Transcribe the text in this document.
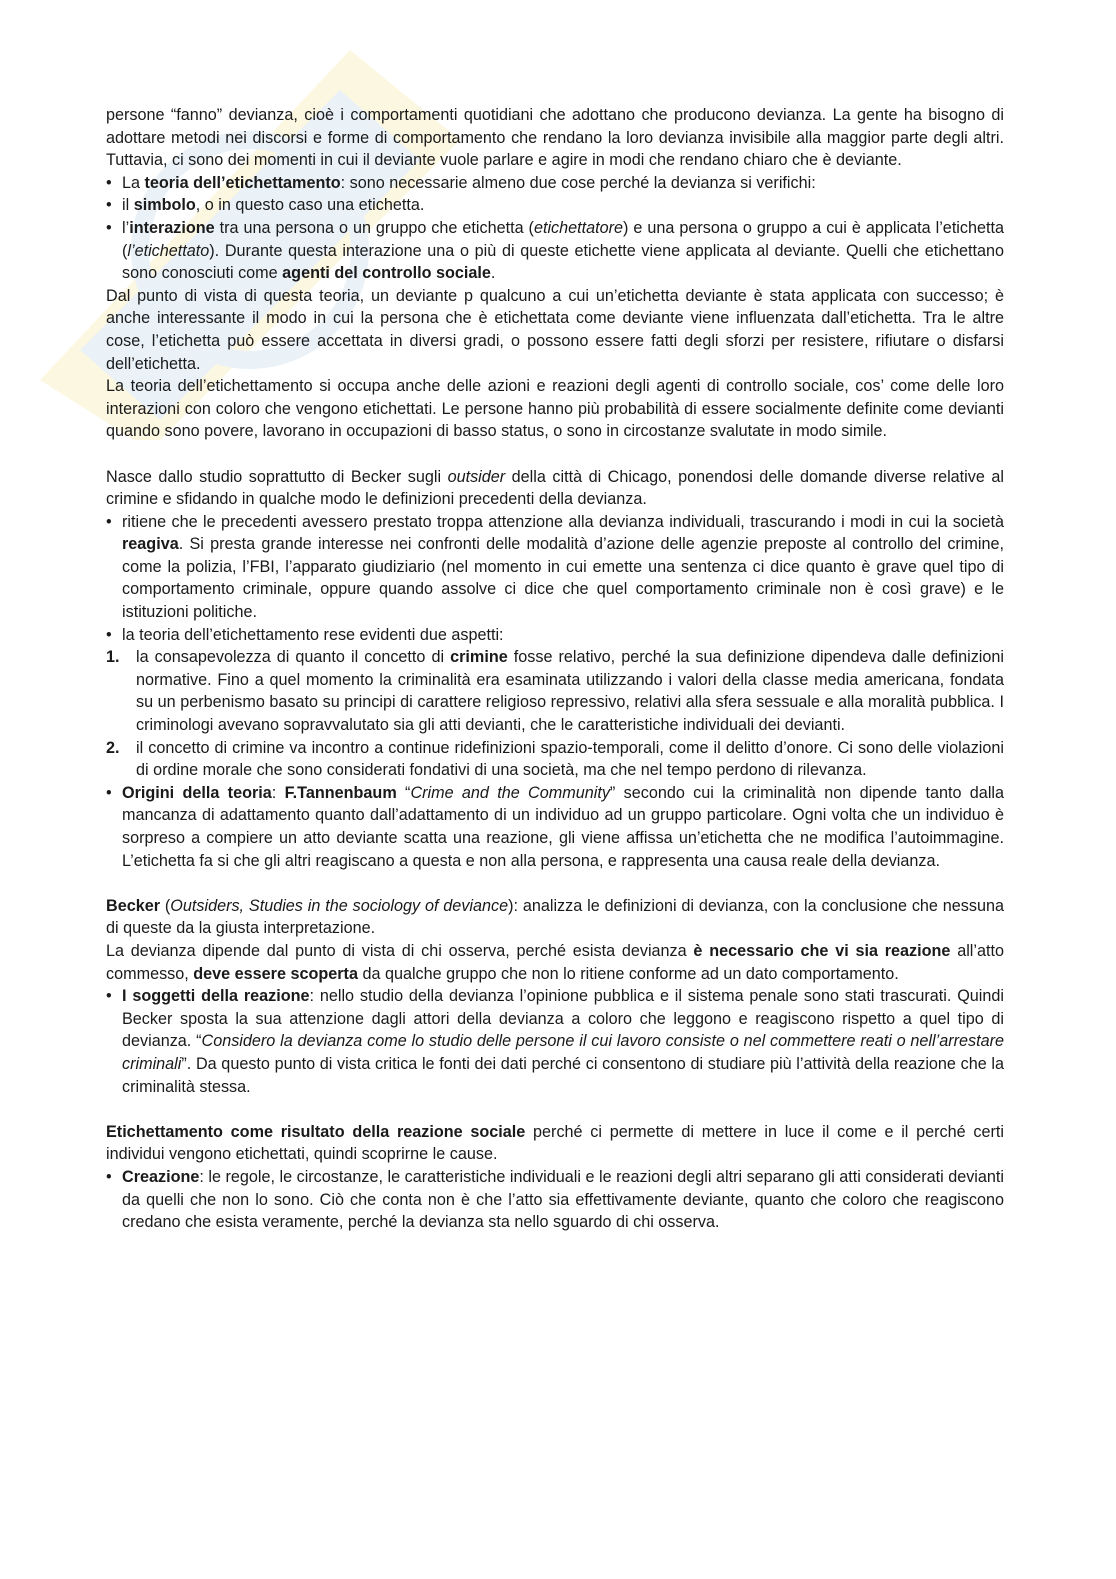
persone “fanno” devianza, cioè i comportamenti quotidiani che adottano che producono devianza. La gente ha bisogno di adottare metodi nei discorsi e forme di comportamento che rendano la loro devianza invisibile alla maggior parte degli altri. Tuttavia, ci sono dei momenti in cui il deviante vuole parlare e agire in modi che rendano chiaro che è deviante.

• La teoria dell’etichettamento: sono necessarie almeno due cose perché la devianza si verifichi:
• il simbolo, o in questo caso una etichetta.
• l’interazione tra una persona o un gruppo che etichetta (etichettatore) e una persona o gruppo a cui è applicata l’etichetta (l’etichettato). Durante questa interazione una o più di queste etichette viene applicata al deviante. Quelli che etichettano sono conosciuti come agenti del controllo sociale.

Dal punto di vista di questa teoria, un deviante p qualcuno a cui un’etichetta deviante è stata applicata con successo; è anche interessante il modo in cui la persona che è etichettata come deviante viene influenzata dall’etichetta. Tra le altre cose, l’etichetta può essere accettata in diversi gradi, o possono essere fatti degli sforzi per resistere, rifiutare o disfarsi dell’etichetta.

La teoria dell’etichettamento si occupa anche delle azioni e reazioni degli agenti di controllo sociale, cos’ come delle loro interazioni con coloro che vengono etichettati. Le persone hanno più probabilità di essere socialmente definite come devianti quando sono povere, lavorano in occupazioni di basso status, o sono in circostanze svalutate in modo simile.

Nasce dallo studio soprattutto di Becker sugli outsider della città di Chicago, ponendosi delle domande diverse relative al crimine e sfidando in qualche modo le definizioni precedenti della devianza.

• ritiene che le precedenti avessero prestato troppa attenzione alla devianza individuali, trascurando i modi in cui la società reagiva. Si presta grande interesse nei confronti delle modalità d’azione delle agenzie preposte al controllo del crimine, come la polizia, l’FBI, l’apparato giudiziario (nel momento in cui emette una sentenza ci dice quanto è grave quel tipo di comportamento criminale, oppure quando assolve ci dice che quel comportamento criminale non è così grave) e le istituzioni politiche.
• la teoria dell’etichettamento rese evidenti due aspetti:
1. la consapevolezza di quanto il concetto di crimine fosse relativo, perché la sua definizione dipendeva dalle definizioni normative. Fino a quel momento la criminalità era esaminata utilizzando i valori della classe media americana, fondata su un perbenismo basato su principi di carattere religioso repressivo, relativi alla sfera sessuale e alla moralità pubblica. I criminologi avevano sopravvalutato sia gli atti devianti, che le caratteristiche individuali dei devianti.
2. il concetto di crimine va incontro a continue ridefinizioni spazio-temporali, come il delitto d’onore. Ci sono delle violazioni di ordine morale che sono considerati fondativi di una società, ma che nel tempo perdono di rilevanza.
• Origini della teoria: F.Tannenbaum “Crime and the Community” secondo cui la criminalità non dipende tanto dalla mancanza di adattamento quanto dall’adattamento di un individuo ad un gruppo particolare. Ogni volta che un individuo è sorpreso a compiere un atto deviante scatta una reazione, gli viene affissa un’etichetta che ne modifica l’autoimmagine. L’etichetta fa si che gli altri reagiscano a questa e non alla persona, e rappresenta una causa reale della devianza.

Becker (Outsiders, Studies in the sociology of deviance): analizza le definizioni di devianza, con la conclusione che nessuna di queste da la giusta interpretazione.

La devianza dipende dal punto di vista di chi osserva, perché esista devianza è necessario che vi sia reazione all’atto commesso, deve essere scoperta da qualche gruppo che non lo ritiene conforme ad un dato comportamento.

• I soggetti della reazione: nello studio della devianza l’opinione pubblica e il sistema penale sono stati trascurati. Quindi Becker sposta la sua attenzione dagli attori della devianza a coloro che leggono e reagiscono rispetto a quel tipo di devianza. “Considero la devianza come lo studio delle persone il cui lavoro consiste o nel commettere reati o nell’arrestare criminali”. Da questo punto di vista critica le fonti dei dati perché ci consentono di studiare più l’attività della reazione che la criminalità stessa.

Etichettamento come risultato della reazione sociale perché ci permette di mettere in luce il come e il perché certi individui vengono etichettati, quindi scoprirne le cause.

• Creazione: le regole, le circostanze, le caratteristiche individuali e le reazioni degli altri separano gli atti considerati devianti da quelli che non lo sono. Ciò che conta non è che l’atto sia effettivamente deviante, quanto che coloro che reagiscono credano che esista veramente, perché la devianza sta nello sguardo di chi osserva.
